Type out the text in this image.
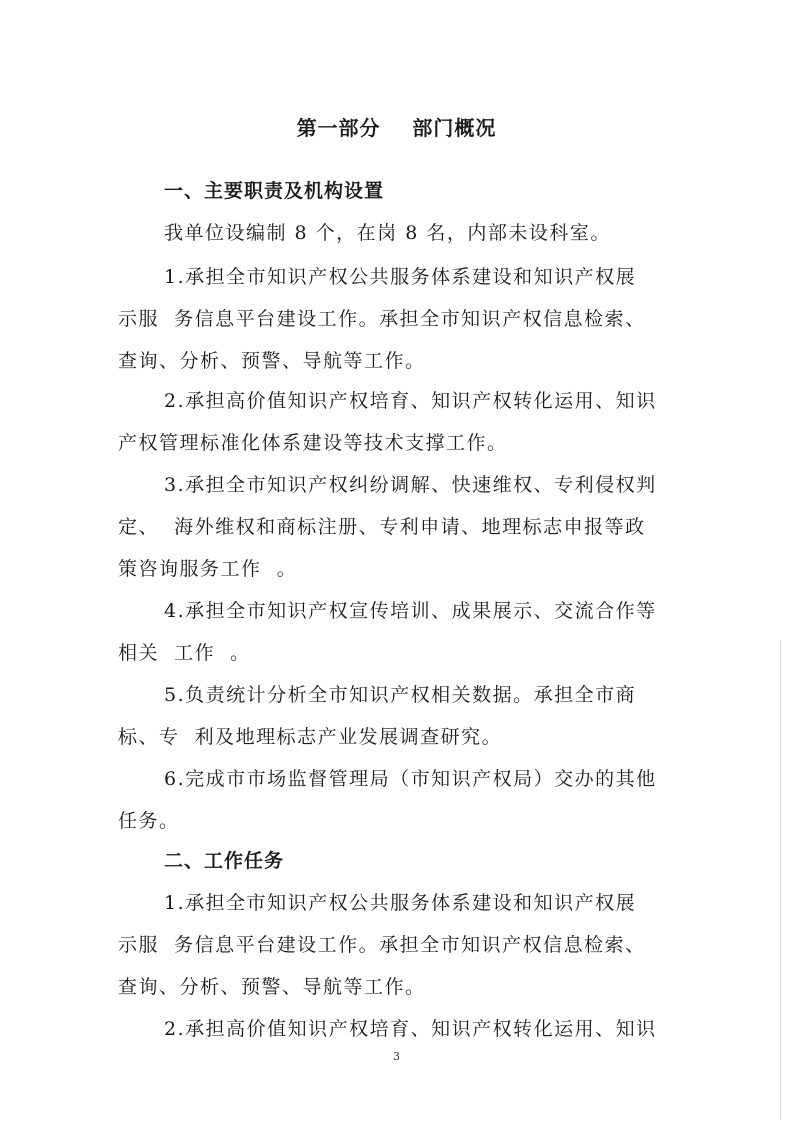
第一部分    部门概况
一、主要职责及机构设置
我单位设编制 8 个，在岗 8 名，内部未设科室。
1.承担全市知识产权公共服务体系建设和知识产权展
示服  务信息平台建设工作。承担全市知识产权信息检索、
查询、分析、预警、导航等工作。
2.承担高价值知识产权培育、知识产权转化运用、知识
产权管理标准化体系建设等技术支撑工作。
3.承担全市知识产权纠纷调解、快速维权、专利侵权判
定、  海外维权和商标注册、专利申请、地理标志申报等政
策咨询服务工作  。
4.承担全市知识产权宣传培训、成果展示、交流合作等
相关  工作  。
5.负责统计分析全市知识产权相关数据。承担全市商
标、专  利及地理标志产业发展调查研究。
6.完成市市场监督管理局（市知识产权局）交办的其他
任务。
二、工作任务
1.承担全市知识产权公共服务体系建设和知识产权展
示服  务信息平台建设工作。承担全市知识产权信息检索、
查询、分析、预警、导航等工作。
2.承担高价值知识产权培育、知识产权转化运用、知识
3
